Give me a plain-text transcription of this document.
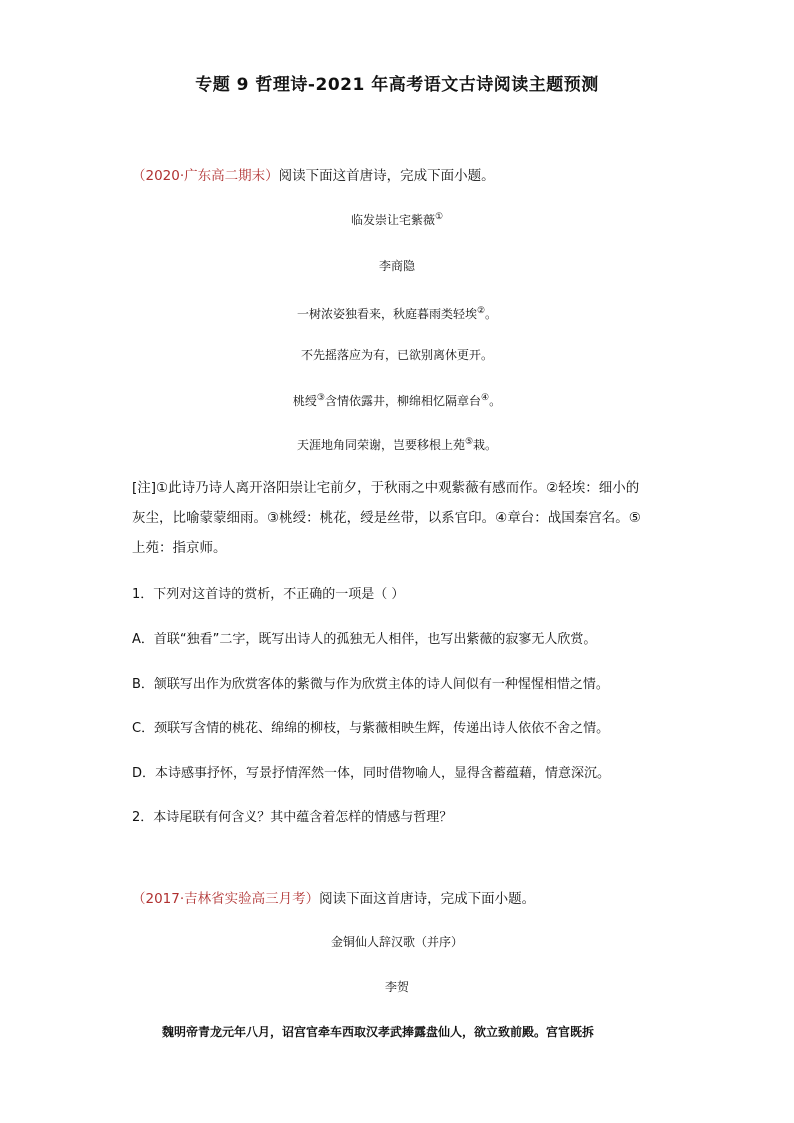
专题 9 哲理诗-2021 年高考语文古诗阅读主题预测
（2020·广东高二期末）阅读下面这首唐诗，完成下面小题。
临发崇让宅紫薇①
李商隐
一树浓姿独看来，秋庭暮雨类轻埃②。
不先摇落应为有，已欲别离休更开。
桃绶③含情依露井，柳绵相忆隔章台④。
天涯地角同荣谢，岂要移根上苑⑤栽。
[注]①此诗乃诗人离开洛阳崇让宅前夕，于秋雨之中观紫薇有感而作。②轻埃：细小的
灰尘，比喻蒙蒙细雨。③桃绶：桃花，绶是丝带，以系官印。④章台：战国秦宫名。⑤
上苑：指京师。
1．下列对这首诗的赏析，不正确的一项是（ ）
A．首联“独看”二字，既写出诗人的孤独无人相伴，也写出紫薇的寂寥无人欣赏。
B．颔联写出作为欣赏客体的紫微与作为欣赏主体的诗人间似有一种惺惺相惜之情。
C．颈联写含情的桃花、绵绵的柳枝，与紫薇相映生辉，传递出诗人依依不舍之情。
D．本诗感事抒怀，写景抒情浑然一体，同时借物喻人，显得含蓄蕴藉，情意深沉。
2．本诗尾联有何含义？其中蕴含着怎样的情感与哲理？
（2017·吉林省实验高三月考）阅读下面这首唐诗，完成下面小题。
金铜仙人辞汉歌（并序）
李贺
魏明帝青龙元年八月，诏宫官牵车西取汉孝武捧露盘仙人，欲立致前殿。宫官既拆
